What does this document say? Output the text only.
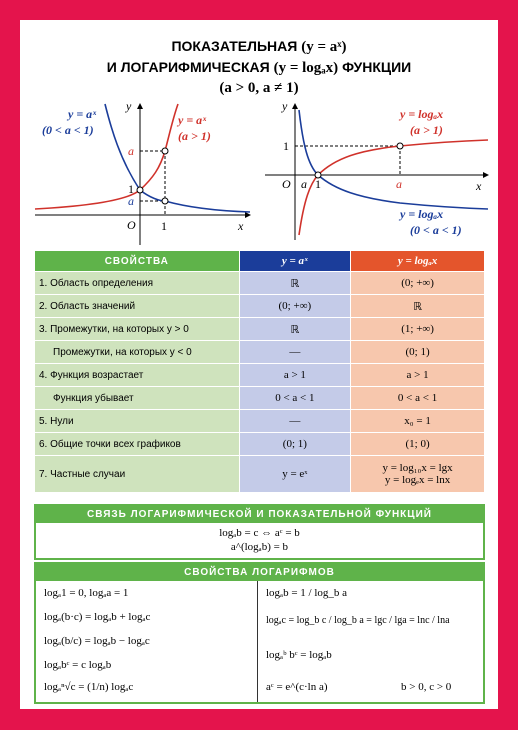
ПОКАЗАТЕЛЬНАЯ (y = aˣ)
И ЛОГАРИФМИЧЕСКАЯ (y = logₐx) ФУНКЦИИ
(a > 0, a ≠ 1)
y = aˣ
(0 < a < 1)
y = aˣ
(a > 1)
x
y
1
a
a
O 1
y = logₐx
(a > 1)
y = logₐx
(0 < a < 1)
x
y
1
O a 1	a
СВОЙСТВА	y = aˣ	y = logₐx
1. Область определения	ℝ	(0; +∞)
2. Область значений	(0; +∞)	ℝ
3. Промежутки, на которых y > 0	ℝ	(1; +∞)
Промежутки, на которых y < 0	—	(0; 1)
4. Функция возрастает	a > 1	a > 1
Функция убывает	0 < a < 1	0 < a < 1
5. Нули	—	x₀ = 1
6. Общие точки всех графиков	(0; 1)	(1; 0)
7. Частные случаи	y = eˣ	y = log₁₀x = lgx
y = logₑx = lnx
СВЯЗЬ ЛОГАРИФМИЧЕСКОЙ И ПОКАЗАТЕЛЬНОЙ ФУНКЦИЙ
logₐb = c ⇔ aᶜ = b
a^(logₐb) = b
СВОЙСТВА ЛОГАРИФМОВ
logₐ1 = 0, logₐa = 1
logₐ(b·c) = logₐb + logₐc
logₐ(b/c) = logₐb − logₐc
logₐbᶜ = c logₐb
logₐⁿ√c = (1/n) logₐc
logₐb = 1 / log_b a
logₐc = log_b c / log_b a = lgc / lga = lnc / lna
logₐᵇ bᶜ = logₐb
aᶜ = e^(c·ln a)	b > 0, c > 0
